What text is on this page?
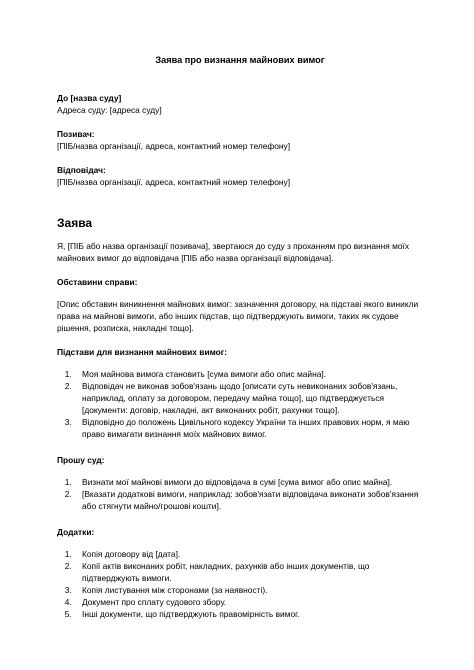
Заява про визнання майнових вимог
До [назва суду]
Адреса суду: [адреса суду]
Позивач:
[ПІБ/назва організації, адреса, контактний номер телефону]
Відповідач:
[ПІБ/назва організації, адреса, контактний номер телефону]
Заява

Я, [ПІБ або назва організації позивача], звертаюся до суду з проханням про визнання моїх майнових вимог до відповідача [ПІБ або назва організації відповідача].

Обставини справи:

[Опис обставин виникнення майнових вимог: зазначення договору, на підставі якого виникли права на майнові вимоги, або інших підстав, що підтверджують вимоги, таких як судове рішення, розписка, накладні тощо].

Підстави для визнання майнових вимог:
1. Моя майнова вимога становить [сума вимоги або опис майна].
2. Відповідач не виконав зобов'язань щодо [описати суть невиконаних зобов'язань, наприклад, оплату за договором, передачу майна тощо], що підтверджується [документи: договір, накладні, акт виконаних робіт, рахунки тощо].
3. Відповідно до положень Цивільного кодексу України та інших правових норм, я маю право вимагати визнання моїх майнових вимог.
Прошу суд:
1. Визнати мої майнові вимоги до відповідача в сумі [сума вимог або опис майна].
2. [Вказати додаткові вимоги, наприклад: зобов'язати відповідача виконати зобов'язання або стягнути майно/грошові кошти].
Додатки:
1. Копія договору від [дата].
2. Копії актів виконаних робіт, накладних, рахунків або інших документів, що підтверджують вимоги.
3. Копія листування між сторонами (за наявності).
4. Документ про сплату судового збору.
5. Інші документи, що підтверджують правомірність вимог.
